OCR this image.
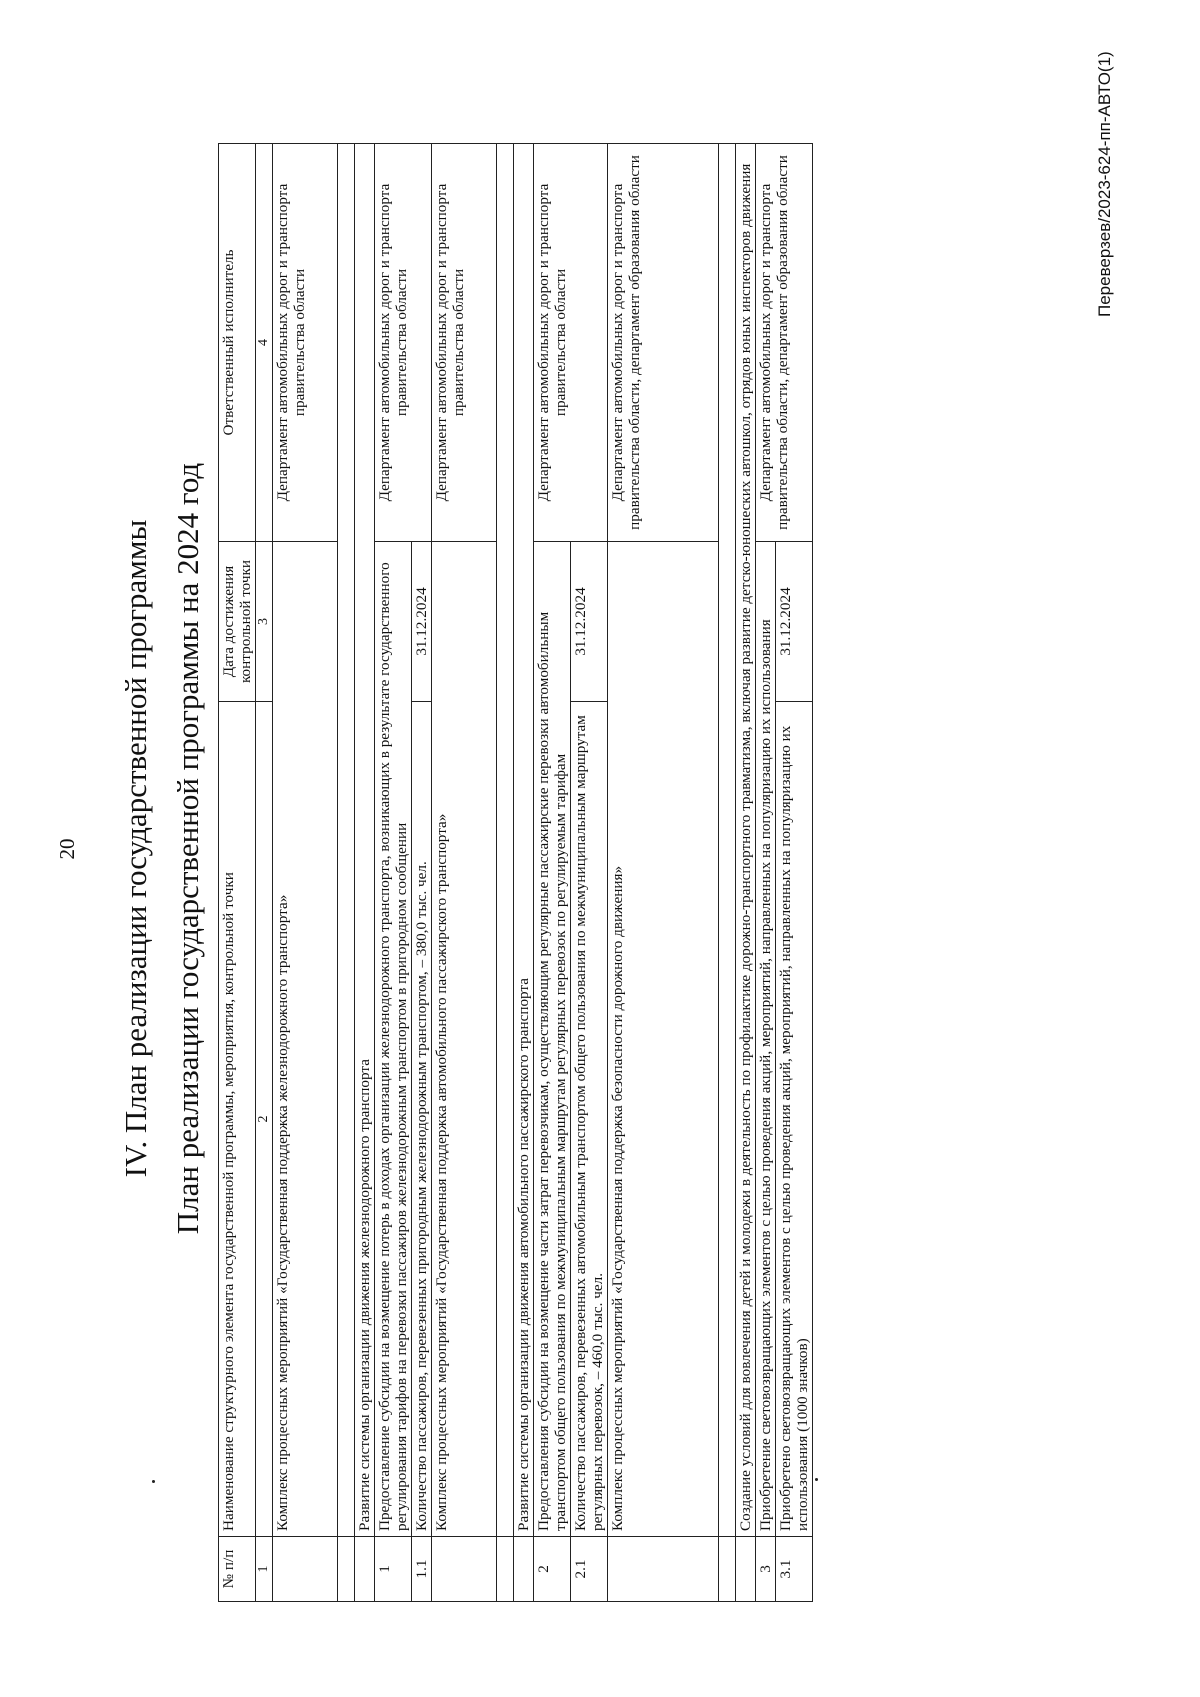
20 IV. План реализации государственной программы План реализации государственной программы на 2024 год
№ п/п	Наименование структурного элемента государственной программы, мероприятия, контрольной точки	Дата достижения контрольной точки	Ответственный исполнитель
1	2	3	4
	Комплекс процессных мероприятий «Государственная поддержка железнодорожного транспорта»		Департамент автомобильных дорог и транспорта правительства области

	Развитие системы организации движения железнодорожного транспорта		
1	Предоставление субсидии на возмещение потерь в доходах организации железнодорожного транспорта, возникающих в результате государственного регулирования тарифов на перевозки пассажиров железнодорожным транспортом в пригородном сообщении		Департамент автомобильных дорог и транспорта правительства области
1.1	Количество пассажиров, перевезенных пригородным железнодорожным транспортом, – 380,0 тыс. чел.	31.12.2024	
	Комплекс процессных мероприятий «Государственная поддержка автомобильного пассажирского транспорта»		Департамент автомобильных дорог и транспорта правительства области

	Развитие системы организации движения автомобильного пассажирского транспорта		
2	Предоставления субсидии на возмещение части затрат перевозчикам, осуществляющим регулярные пассажирские перевозки автомобильным транспортом общего пользования по межмуниципальным маршрутам регулярных перевозок по регулируемым тарифам		Департамент автомобильных дорог и транспорта правительства области
2.1	Количество пассажиров, перевезенных автомобильным транспортом общего пользования по межмуниципальным маршрутам регулярных перевозок, – 460,0 тыс. чел.	31.12.2024	
	Комплекс процессных мероприятий «Государственная поддержка безопасности дорожного движения»		Департамент автомобильных дорог и транспорта правительства области, департамент образования области

	Создание условий для вовлечения детей и молодежи в деятельность по профилактике дорожно-транспортного травматизма, включая развитие детско-юношеских автошкол, отрядов юных инспекторов движения		
3	Приобретение световозвращающих элементов с целью проведения акций, мероприятий, направленных на популяризацию их использования		Департамент автомобильных дорог и транспорта правительства области, департамент образования области
3.1	Приобретено световозвращающих элементов с целью проведения акций, мероприятий, направленных на популяризацию их использования (1000 значков)	31.12.2024	
Переверзев/2023-624-пп-АВТО(1)
